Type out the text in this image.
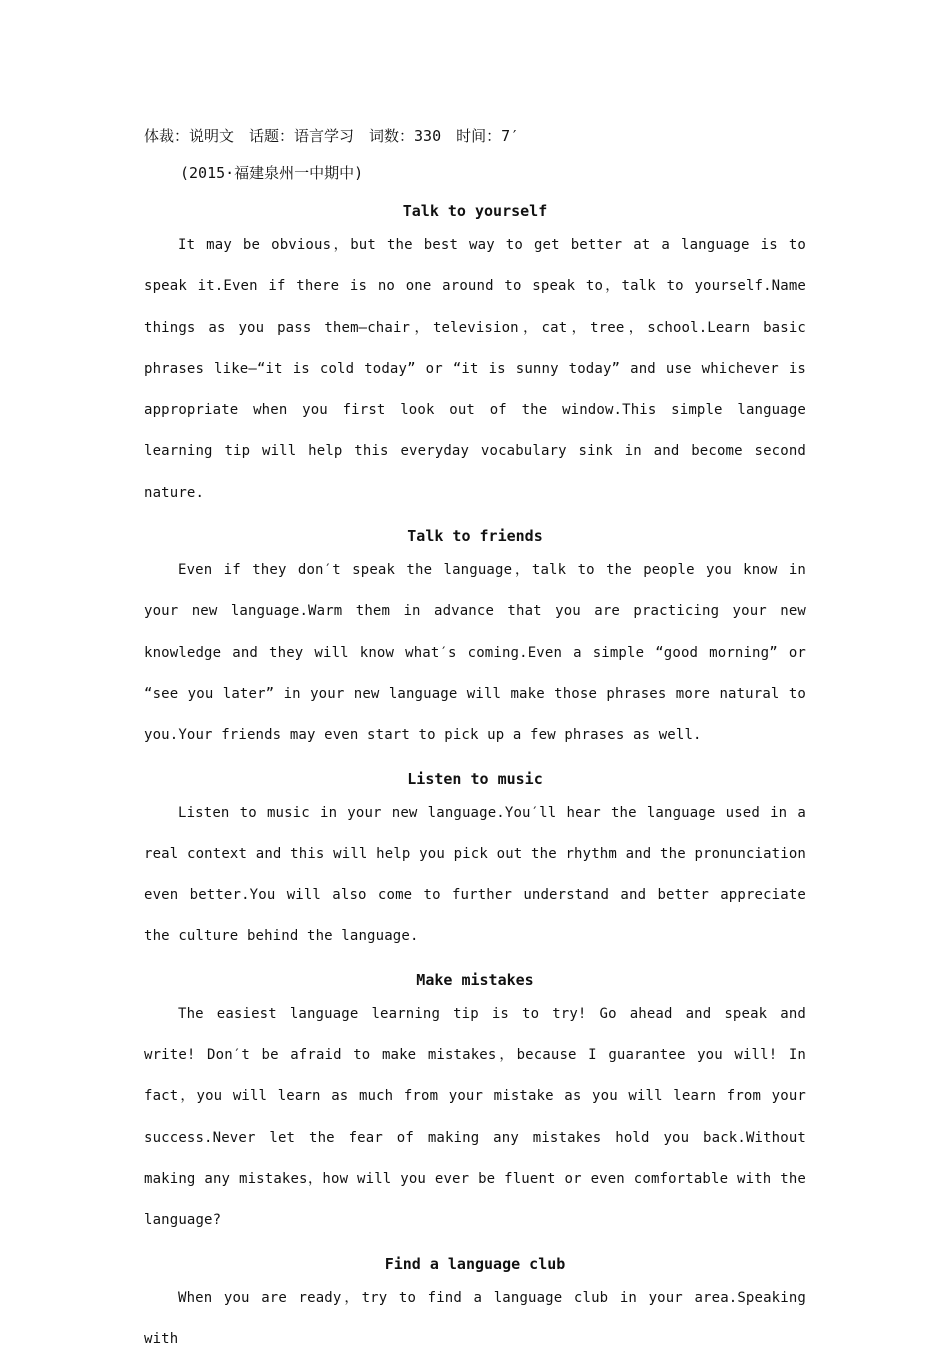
体裁：说明文　话题：语言学习　词数：330　时间：7′

(2015·福建泉州一中期中)

Talk to yourself

It may be obvious，but the best way to get better at a language is to speak it.Even if there is no one around to speak to，talk to yourself.Name things as you pass them—chair，television，cat，tree，school.Learn basic phrases like—“it is cold today” or “it is sunny today” and use whichever is appropriate when you first look out of the window.This simple language learning tip will help this everyday vocabulary sink in and become second nature.

Talk to friends

Even if they don′t speak the language，talk to the people you know in your new language.Warm them in advance that you are practicing your new knowledge and they will know what′s coming.Even a simple “good morning” or “see you later” in your new language will make those phrases more natural to you.Your friends may even start to pick up a few phrases as well.

Listen to music

Listen to music in your new language.You′ll hear the language used in a real context and this will help you pick out the rhythm and the pronunciation even better.You will also come to further understand and better appreciate the culture behind the language.

Make mistakes

The easiest language learning tip is to try! Go ahead and speak and write! Don′t be afraid to make mistakes，because I guarantee you will! In fact，you will learn as much from your mistake as you will learn from your success.Never let the fear of making any mistakes hold you back.Without making any mistakes，how will you ever be fluent or even comfortable with the language?

Find a language club

When you are ready，try to find a language club in your area.Speaking with
